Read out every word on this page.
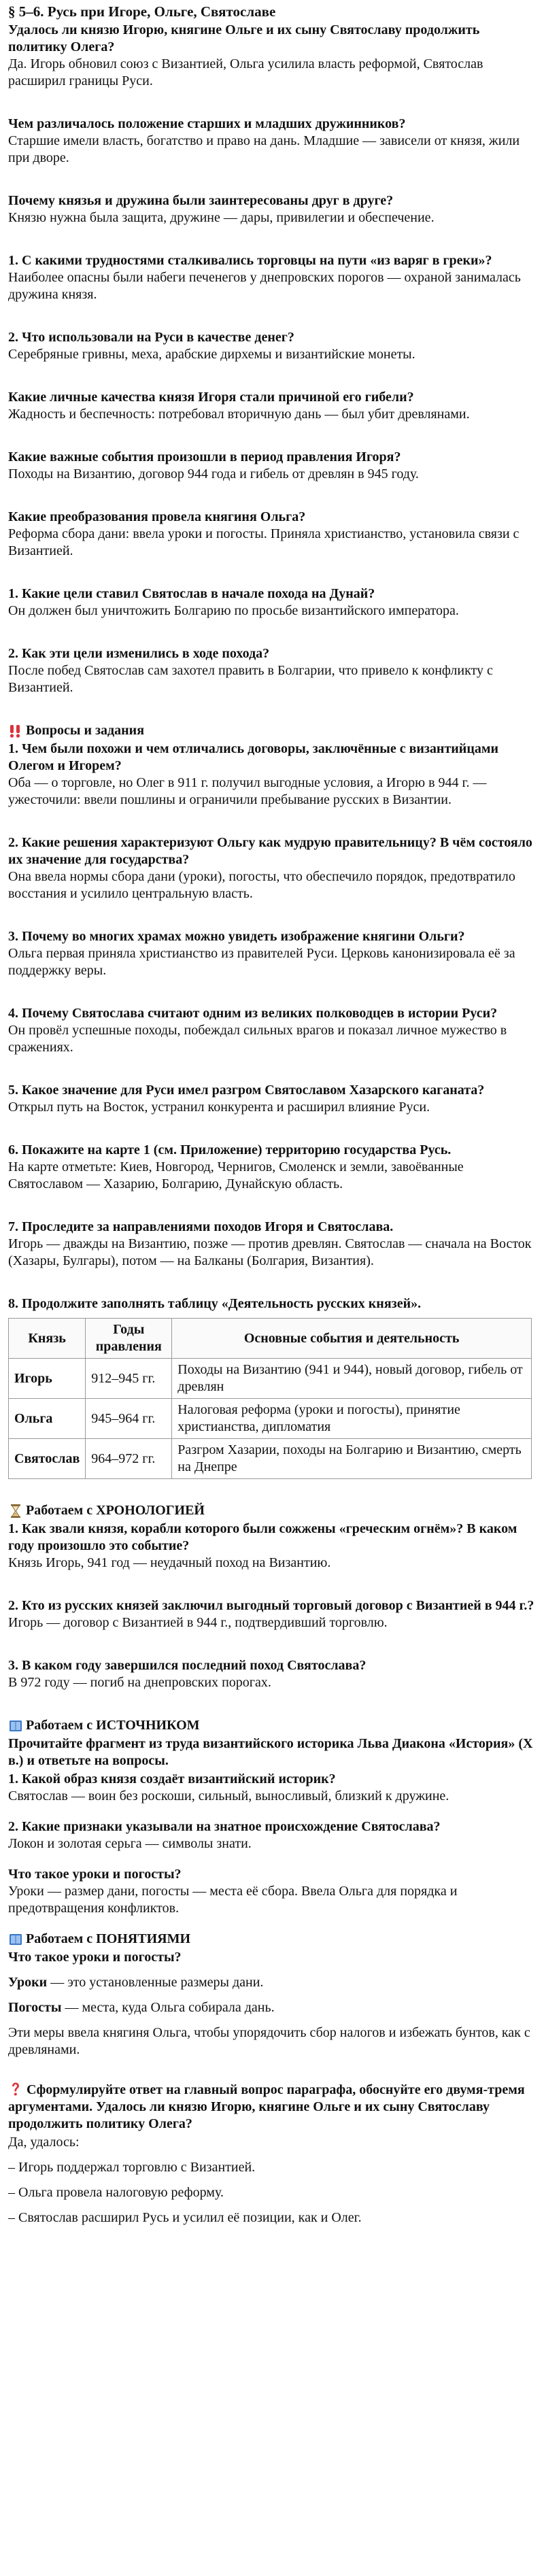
§ 5–6. Русь при Игоре, Ольге, Святославе

Удалось ли князю Игорю, княгине Ольге и их сыну Святославу продолжить политику Олега?

Да. Игорь обновил союз с Византией, Ольга усилила власть реформой, Святослав расширил границы Руси.

Чем различалось положение старших и младших дружинников?

Старшие имели власть, богатство и право на дань. Младшие — зависели от князя, жили при дворе.

Почему князья и дружина были заинтересованы друг в друге?

Князю нужна была защита, дружине — дары, привилегии и обеспечение.

1. С какими трудностями сталкивались торговцы на пути «из варяг в греки»?

Наиболее опасны были набеги печенегов у днепровских порогов — охраной занималась дружина князя.

2. Что использовали на Руси в качестве денег?

Серебряные гривны, меха, арабские дирхемы и византийские монеты.

Какие личные качества князя Игоря стали причиной его гибели?

Жадность и беспечность: потребовал вторичную дань — был убит древлянами.

Какие важные события произошли в период правления Игоря?

Походы на Византию, договор 944 года и гибель от древлян в 945 году.

Какие преобразования провела княгиня Ольга?

Реформа сбора дани: ввела уроки и погосты. Приняла христианство, установила связи с Византией.

1. Какие цели ставил Святослав в начале похода на Дунай?

Он должен был уничтожить Болгарию по просьбе византийского императора.

2. Как эти цели изменились в ходе похода?

После побед Святослав сам захотел править в Болгарии, что привело к конфликту с Византией.

Вопросы и задания

1. Чем были похожи и чем отличались договоры, заключённые с византийцами Олегом и Игорем?

Оба — о торговле, но Олег в 911 г. получил выгодные условия, а Игорю в 944 г. — ужесточили: ввели пошлины и ограничили пребывание русских в Византии.

2. Какие решения характеризуют Ольгу как мудрую правительницу? В чём состояло их значение для государства?

Она ввела нормы сбора дани (уроки), погосты, что обеспечило порядок, предотвратило восстания и усилило центральную власть.

3. Почему во многих храмах можно увидеть изображение княгини Ольги?

Ольга первая приняла христианство из правителей Руси. Церковь канонизировала её за поддержку веры.

4. Почему Святослава считают одним из великих полководцев в истории Руси?

Он провёл успешные походы, побеждал сильных врагов и показал личное мужество в сражениях.

5. Какое значение для Руси имел разгром Святославом Хазарского каганата?

Открыл путь на Восток, устранил конкурента и расширил влияние Руси.

6. Покажите на карте 1 (см. Приложение) территорию государства Русь.

На карте отметьте: Киев, Новгород, Чернигов, Смоленск и земли, завоёванные Святославом — Хазарию, Болгарию, Дунайскую область.

7. Проследите за направлениями походов Игоря и Святослава.

Игорь — дважды на Византию, позже — против древлян. Святослав — сначала на Восток (Хазары, Булгары), потом — на Балканы (Болгария, Византия).

8. Продолжите заполнять таблицу «Деятельность русских князей».

Князь	Годы правления	Основные события и деятельность
Игорь	912–945 гг.	Походы на Византию (941 и 944), новый договор, гибель от древлян
Ольга	945–964 гг.	Налоговая реформа (уроки и погосты), принятие христианства, дипломатия
Святослав	964–972 гг.	Разгром Хазарии, походы на Болгарию и Византию, смерть на Днепре
Работаем с ХРОНОЛОГИЕЙ

1. Как звали князя, корабли которого были сожжены «греческим огнём»? В каком году произошло это событие?

Князь Игорь, 941 год — неудачный поход на Византию.

2. Кто из русских князей заключил выгодный торговый договор с Византией в 944 г.?

Игорь — договор с Византией в 944 г., подтвердивший торговлю.

3. В каком году завершился последний поход Святослава?

В 972 году — погиб на днепровских порогах.

Работаем с ИСТОЧНИКОМ

Прочитайте фрагмент из труда византийского историка Льва Диакона «История» (X в.) и ответьте на вопросы.

1. Какой образ князя создаёт византийский историк?

Святослав — воин без роскоши, сильный, выносливый, близкий к дружине.

2. Какие признаки указывали на знатное происхождение Святослава?

Локон и золотая серьга — символы знати.

Что такое уроки и погосты?

Уроки — размер дани, погосты — места её сбора. Ввела Ольга для порядка и предотвращения конфликтов.

Работаем с ПОНЯТИЯМИ

Что такое уроки и погосты?

Уроки — это установленные размеры дани.

Погосты — места, куда Ольга собирала дань.

Эти меры ввела княгиня Ольга, чтобы упорядочить сбор налогов и избежать бунтов, как с древлянами.

Сформулируйте ответ на главный вопрос параграфа, обоснуйте его двумя-тремя аргументами. Удалось ли князю Игорю, княгине Ольге и их сыну Святославу продолжить политику Олега?

Да, удалось:

– Игорь поддержал торговлю с Византией.

– Ольга провела налоговую реформу.

– Святослав расширил Русь и усилил её позиции, как и Олег.
